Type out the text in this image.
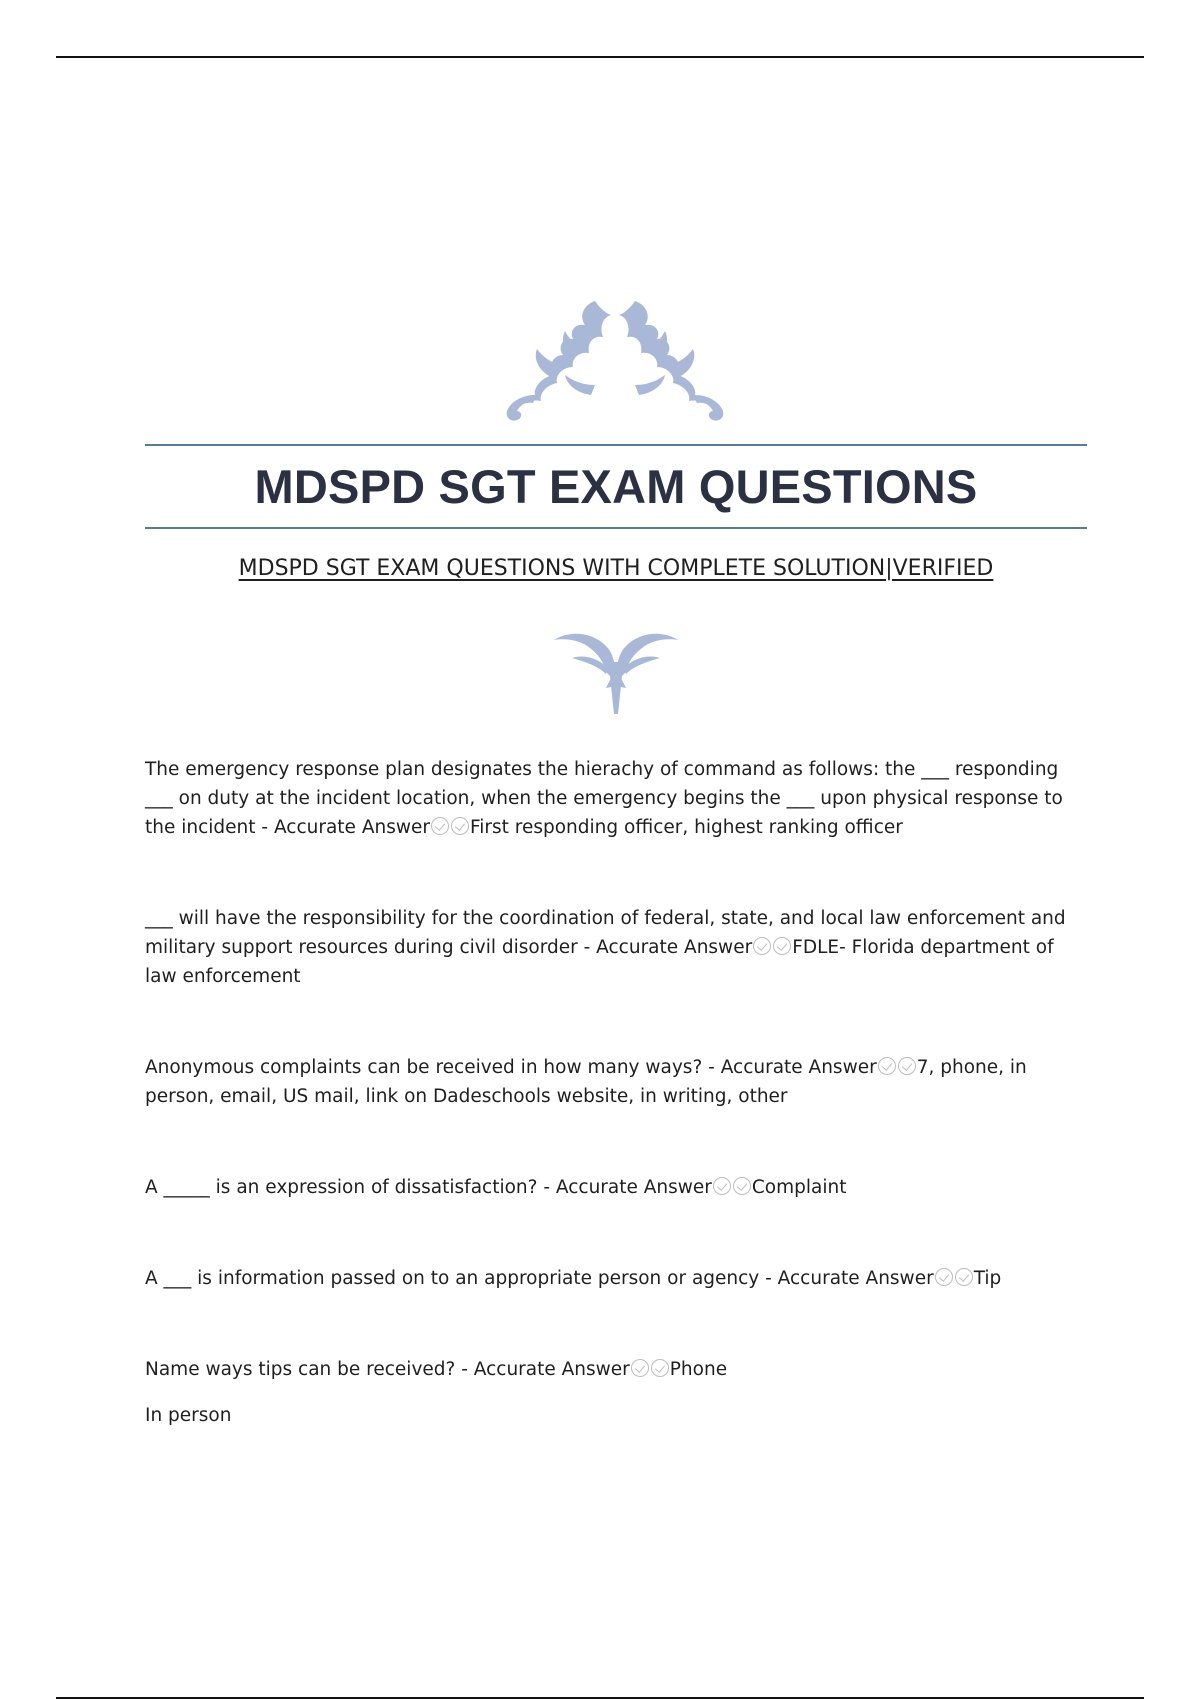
MDSPD SGT EXAM QUESTIONS

MDSPD SGT EXAM QUESTIONS WITH COMPLETE SOLUTION|VERIFIED

The emergency response plan designates the hierachy of command as follows: the ___ responding ___ on duty at the incident location, when the emergency begins the ___ upon physical response to the incident - Accurate Answer First responding officer, highest ranking officer

___ will have the responsibility for the coordination of federal, state, and local law enforcement and military support resources during civil disorder - Accurate Answer FDLE- Florida department of law enforcement

Anonymous complaints can be received in how many ways? - Accurate Answer 7, phone, in person, email, US mail, link on Dadeschools website, in writing, other

A _____ is an expression of dissatisfaction? - Accurate Answer Complaint

A ___ is information passed on to an appropriate person or agency - Accurate Answer Tip

Name ways tips can be received? - Accurate Answer Phone

In person
